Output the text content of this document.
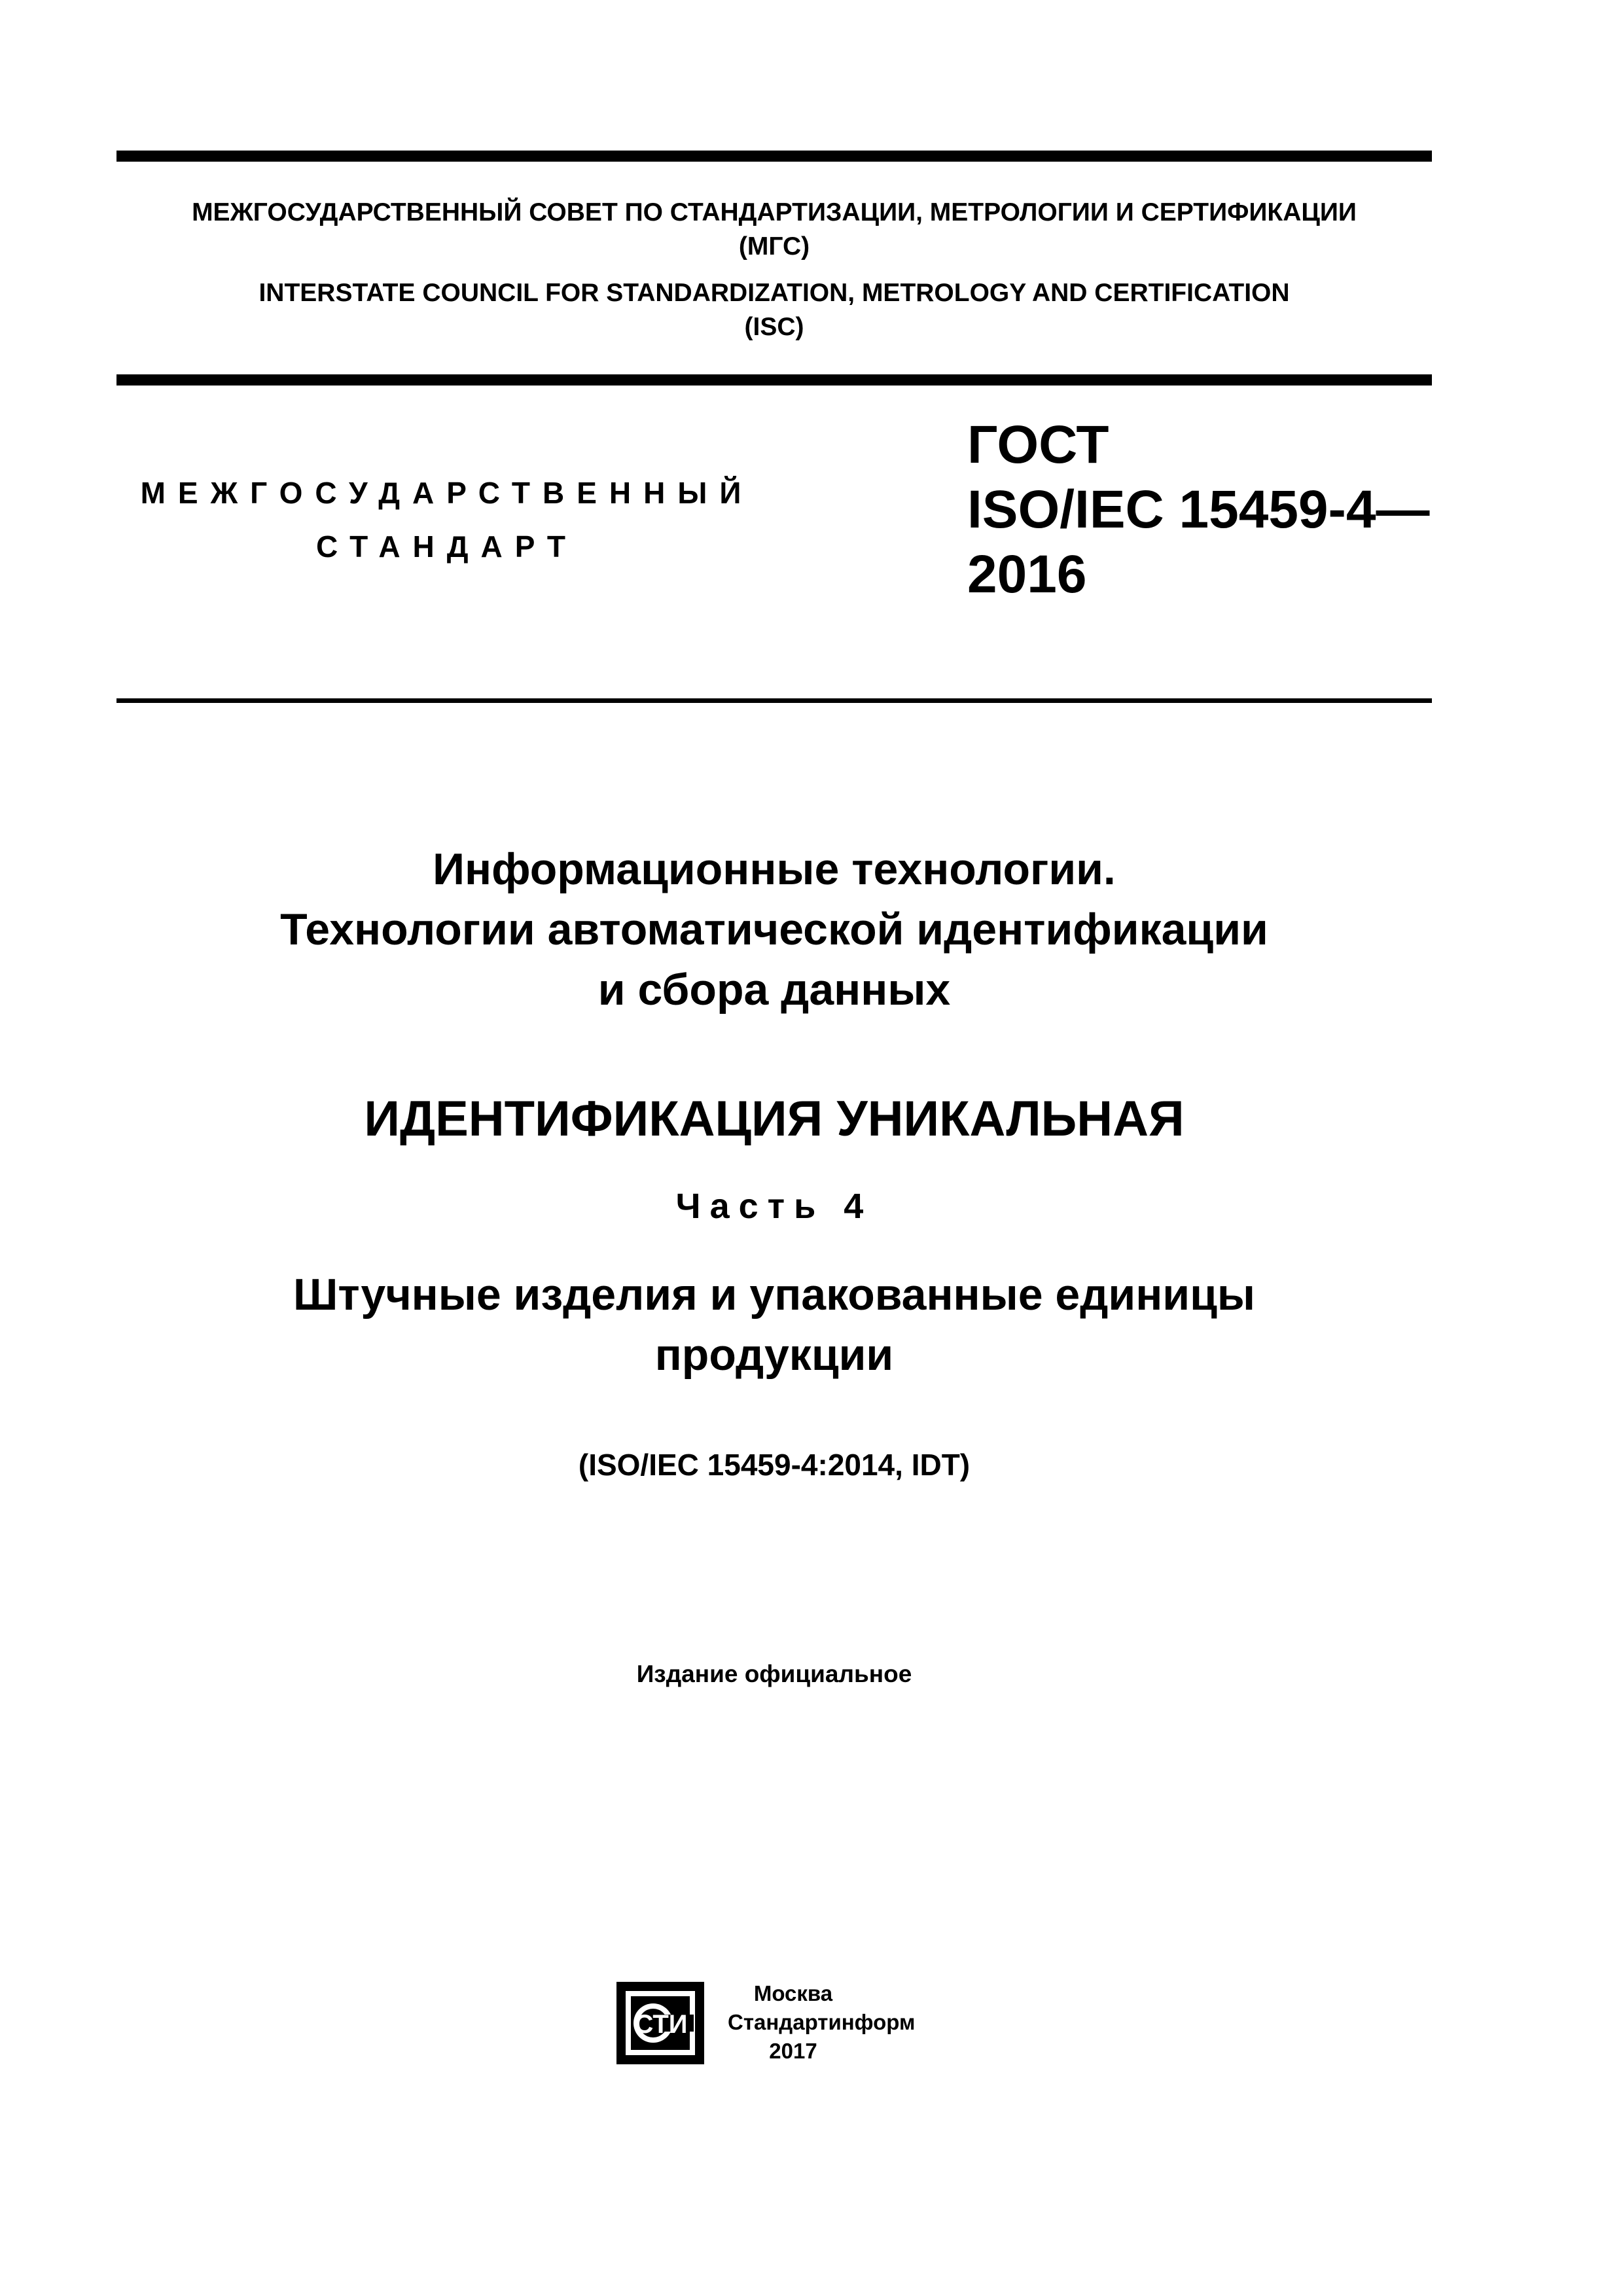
МЕЖГОСУДАРСТВЕННЫЙ СОВЕТ ПО СТАНДАРТИЗАЦИИ, МЕТРОЛОГИИ И СЕРТИФИКАЦИИ
(МГС)
INTERSTATE COUNCIL FOR STANDARDIZATION, METROLOGY AND CERTIFICATION
(ISC)
МЕЖГОСУДАРСТВЕННЫЙ
СТАНДАРТ
ГОСТ
ISO/IEC 15459-4—
2016
Информационные технологии.
Технологии автоматической идентификации
и сбора данных
ИДЕНТИФИКАЦИЯ УНИКАЛЬНАЯ
Часть 4
Штучные изделия и упакованные единицы
продукции
(ISO/IEC 15459-4:2014, IDT)
Издание официальное
СТИ
Москва
Стандартинформ
2017
